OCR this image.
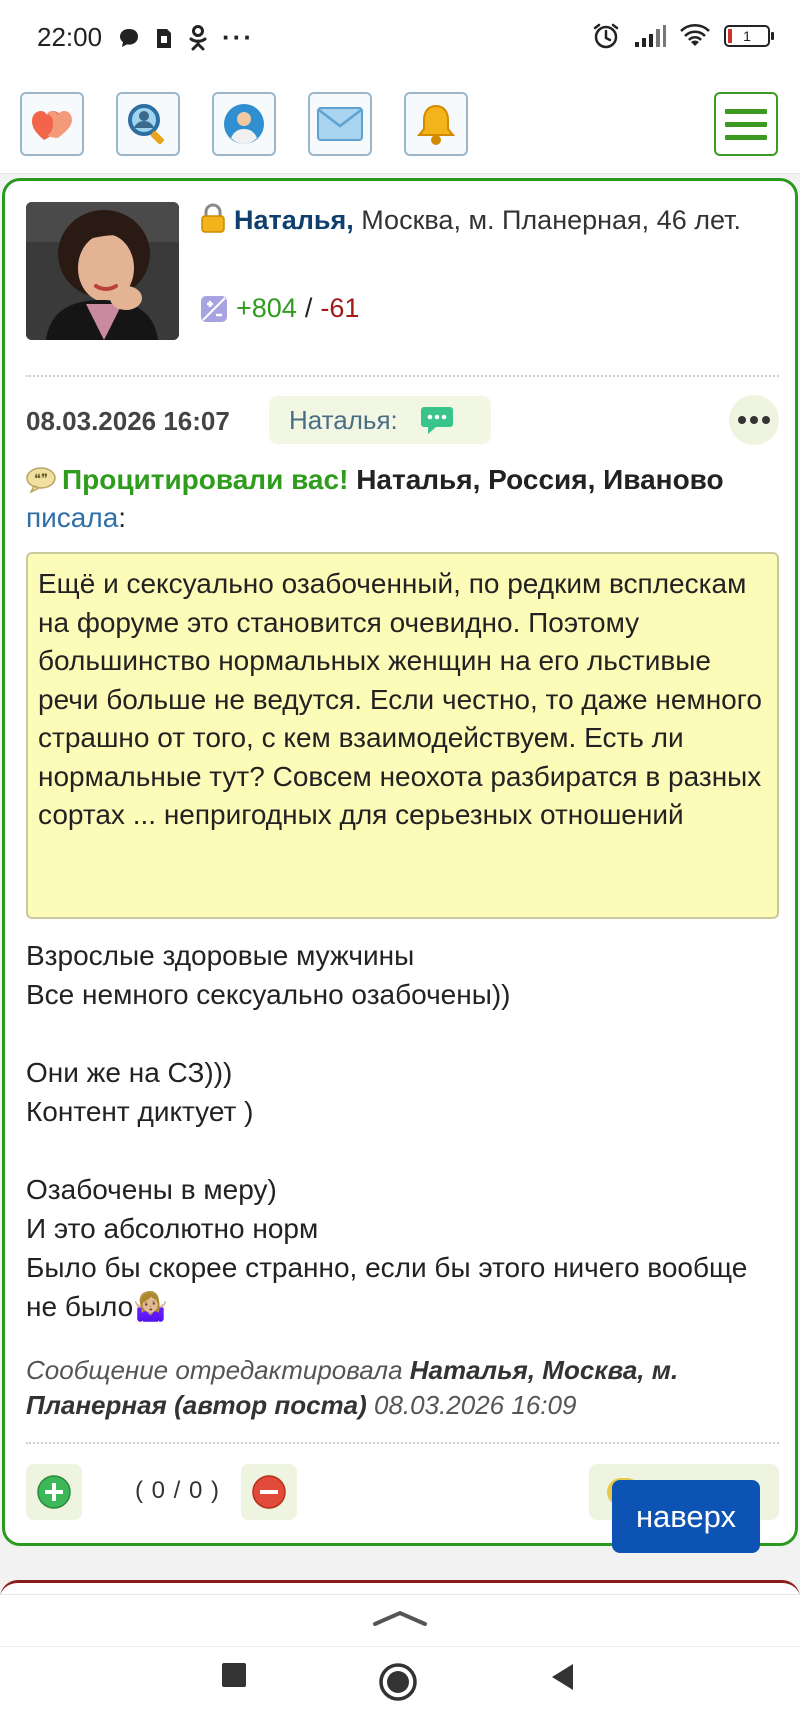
22:00	···	1
Наталья, Москва, м. Планерная, 46 лет.
+804 / -61
08.03.2026 16:07 Наталья:
❝❞ Процитировали вас! Наталья, Россия, Иваново писала:
Ещё и сексуально озабоченный, по редким всплескам на форуме это становится очевидно. Поэтому большинство нормальных женщин на его льстивые речи больше не ведутся. Если честно, то даже немного страшно от того, с кем взаимодействуем. Есть ли нормальные тут? Совсем неохота разбиратся в разных сортах ... непригодных для серьезных отношений
Взрослые здоровые мужчины
Все немного сексуально озабочены))

Они же на СЗ)))
Контент диктует )

Озабочены в меру)
И это абсолютно норм
Было бы скорее странно, если бы этого ничего вообще не было🤷🏼‍♀️
Сообщение отредактировала Наталья, Москва, м. Планерная (автор поста) 08.03.2026 16:09
( 0 / 0 )
наверх
